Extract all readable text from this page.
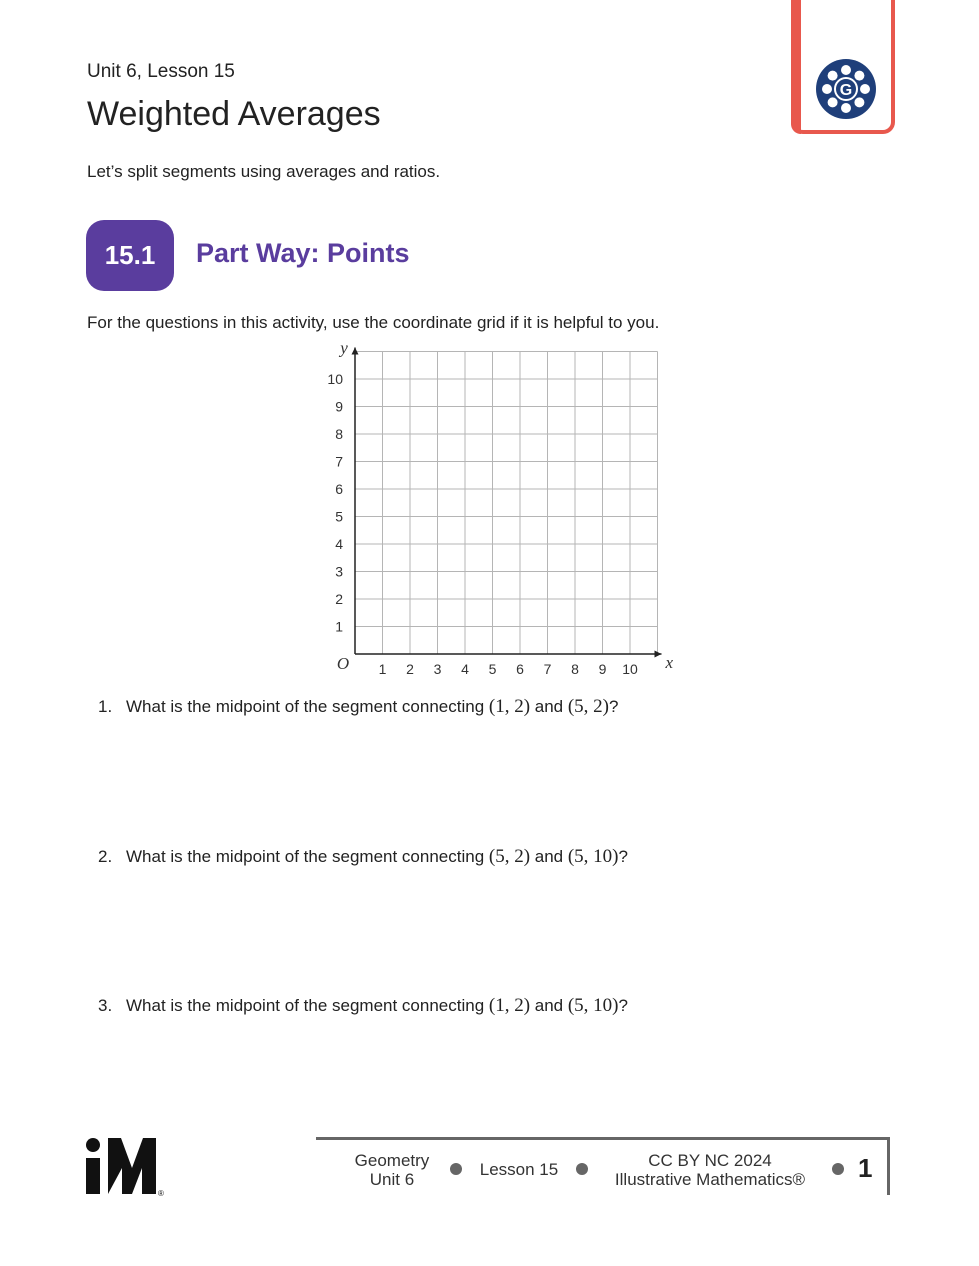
Unit 6, Lesson 15
Weighted Averages
Let’s split segments using averages and ratios.
G
15.1	Part Way: Points
For the questions in this activity, use the coordinate grid if it is helpful to you.
1 2 3 4 5 6 7 8 9 10
1
2
3
4
5
6
7
8
9
10
O	x
y
1. What is the midpoint of the segment connecting (1, 2) and (5, 2)?
2. What is the midpoint of the segment connecting (5, 2) and (5, 10)?
3. What is the midpoint of the segment connecting (1, 2) and (5, 10)?
®
Geometry
Unit 6
Lesson 15	CC BY NC 2024
Illustrative Mathematics®	1
